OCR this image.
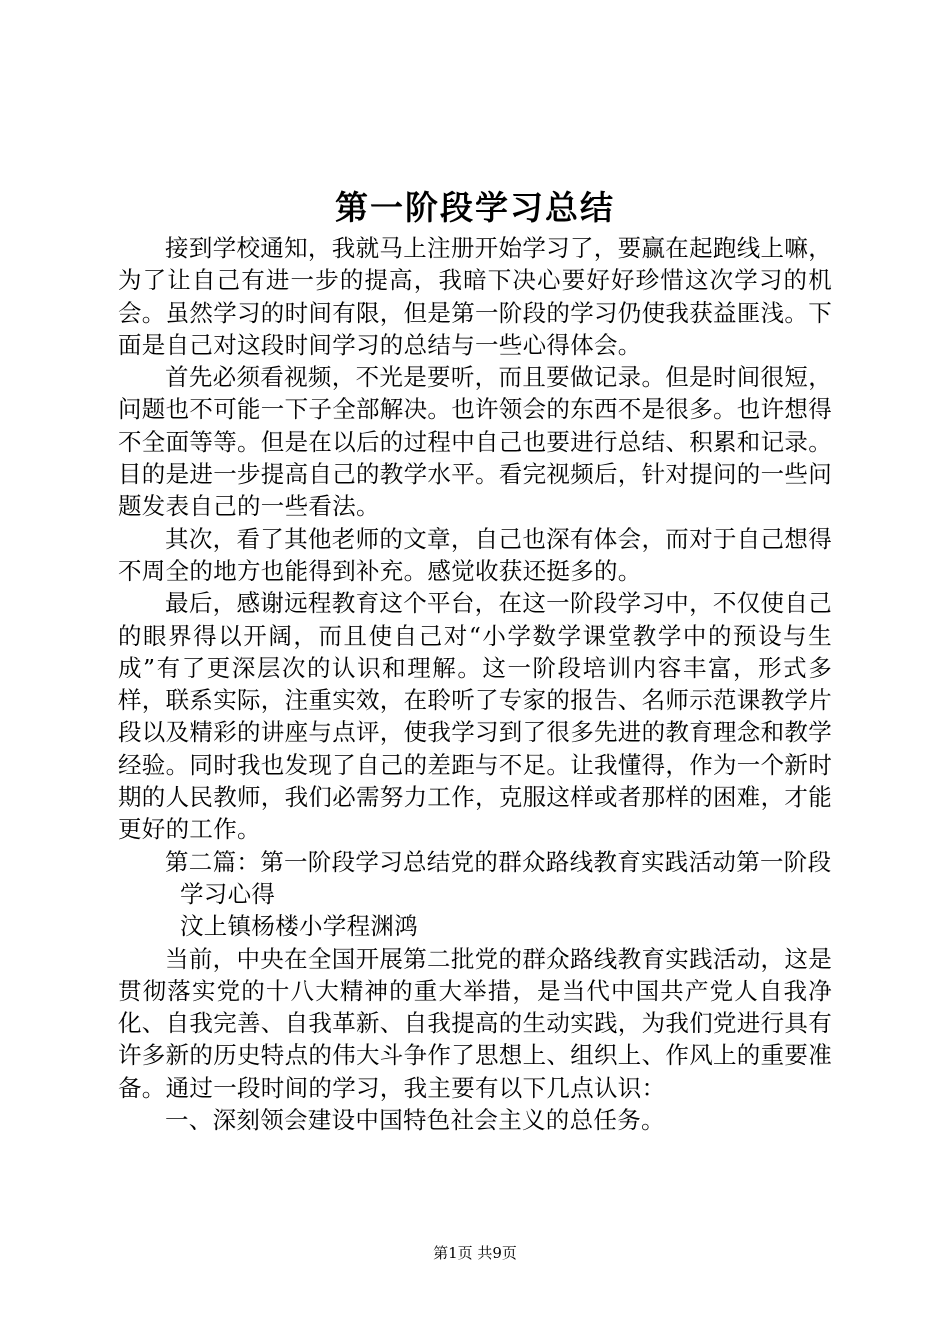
第一阶段学习总结

接到学校通知，我就马上注册开始学习了，要赢在起跑线上嘛，为了让自己有进一步的提高，我暗下决心要好好珍惜这次学习的机会。虽然学习的时间有限，但是第一阶段的学习仍使我获益匪浅。下面是自己对这段时间学习的总结与一些心得体会。

首先必须看视频，不光是要听，而且要做记录。但是时间很短，问题也不可能一下子全部解决。也许领会的东西不是很多。也许想得不全面等等。但是在以后的过程中自己也要进行总结、积累和记录。目的是进一步提高自己的教学水平。看完视频后，针对提问的一些问题发表自己的一些看法。

其次，看了其他老师的文章，自己也深有体会，而对于自己想得不周全的地方也能得到补充。感觉收获还挺多的。

最后，感谢远程教育这个平台，在这一阶段学习中，不仅使自己的眼界得以开阔，而且使自己对“小学数学课堂教学中的预设与生成”有了更深层次的认识和理解。这一阶段培训内容丰富，形式多样，联系实际，注重实效，在聆听了专家的报告、名师示范课教学片段以及精彩的讲座与点评，使我学习到了很多先进的教育理念和教学经验。同时我也发现了自己的差距与不足。让我懂得，作为一个新时期的人民教师，我们必需努力工作，克服这样或者那样的困难，才能更好的工作。

第二篇：第一阶段学习总结党的群众路线教育实践活动第一阶段

学习心得

汶上镇杨楼小学程渊鸿

当前，中央在全国开展第二批党的群众路线教育实践活动，这是贯彻落实党的十八大精神的重大举措，是当代中国共产党人自我净化、自我完善、自我革新、自我提高的生动实践，为我们党进行具有许多新的历史特点的伟大斗争作了思想上、组织上、作风上的重要准备。通过一段时间的学习，我主要有以下几点认识：

一、深刻领会建设中国特色社会主义的总任务。

第1页 共9页
